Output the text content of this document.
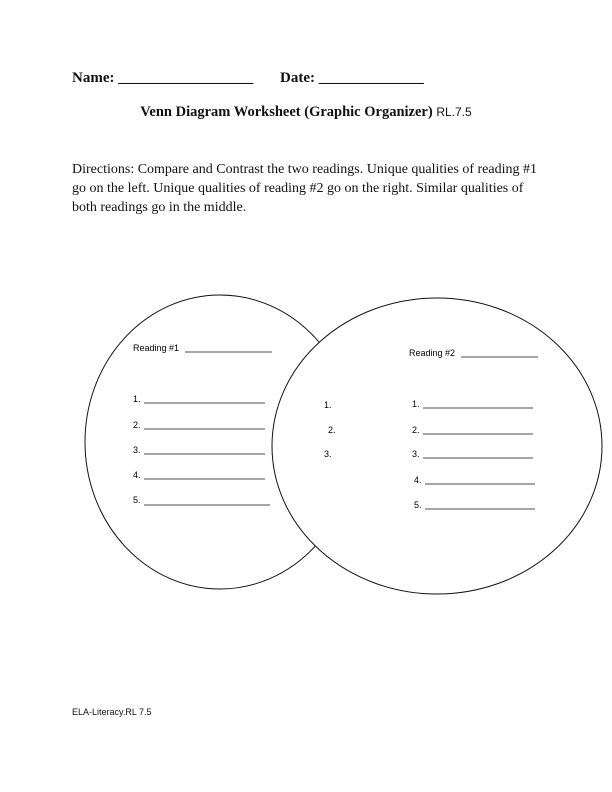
Name: __________________ Date: ______________
Venn Diagram Worksheet (Graphic Organizer) RL.7.5
Directions: Compare and Contrast the two readings. Unique qualities of reading #1 go on the left. Unique qualities of reading #2 go on the right. Similar qualities of both readings go in the middle.
Reading #1
1.
2.
3.
4.
5.
1.
2.
3.
Reading #2
1.
2.
3.
4.
5.
ELA-Literacy.RL 7.5
